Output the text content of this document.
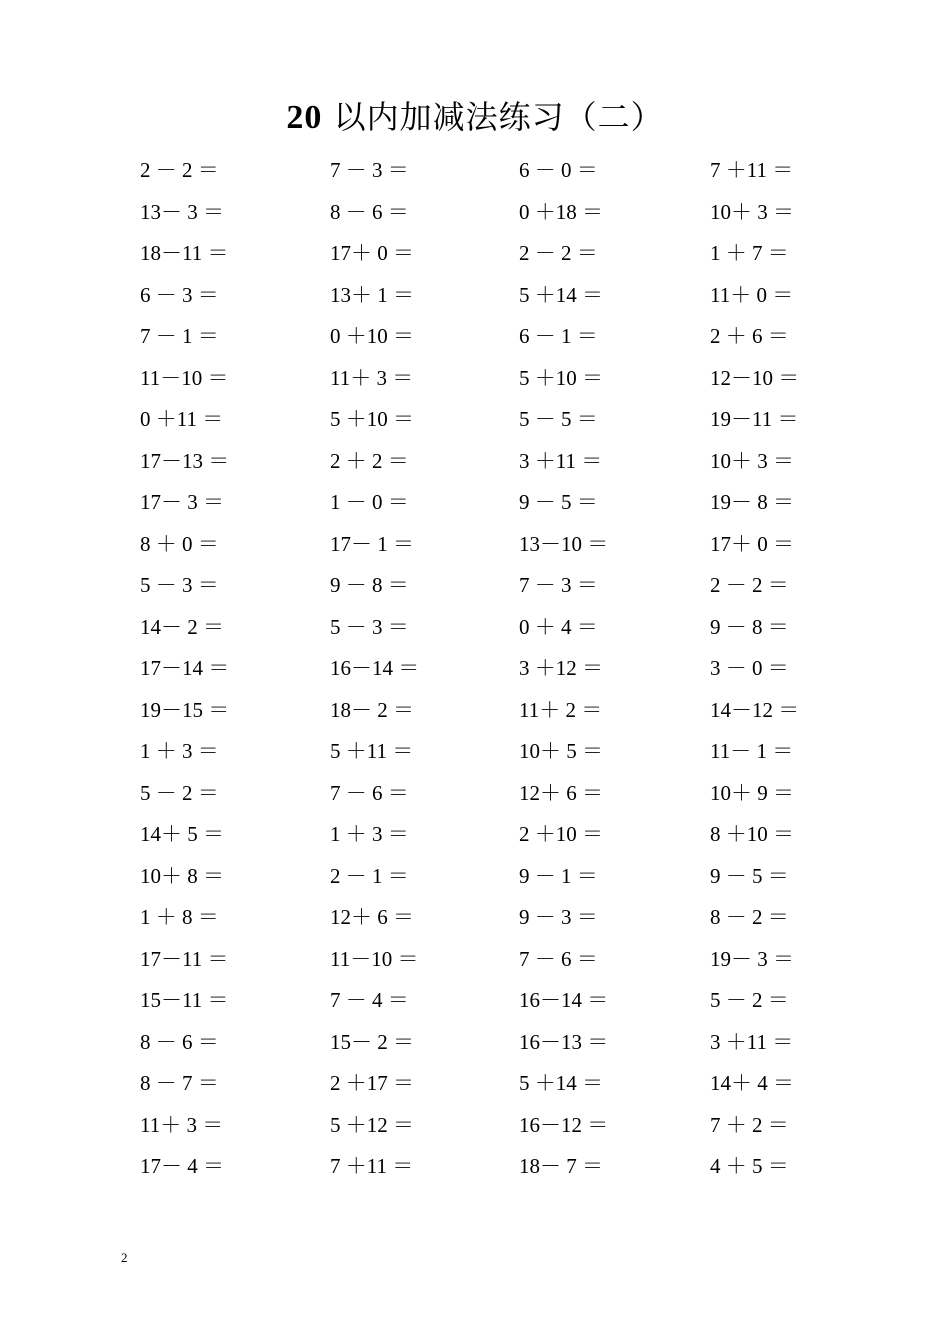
20 以内加减法练习（二）
2 － 2 ＝	7 － 3 ＝	6 － 0 ＝	7 ＋11 ＝
13－ 3 ＝	8 － 6 ＝	0 ＋18 ＝	10＋ 3 ＝
18－11 ＝	17＋ 0 ＝	2 － 2 ＝	1 ＋ 7 ＝
6 － 3 ＝	13＋ 1 ＝	5 ＋14 ＝	11＋ 0 ＝
7 － 1 ＝	0 ＋10 ＝	6 － 1 ＝	2 ＋ 6 ＝
11－10 ＝	11＋ 3 ＝	5 ＋10 ＝	12－10 ＝
0 ＋11 ＝	5 ＋10 ＝	5 － 5 ＝	19－11 ＝
17－13 ＝	2 ＋ 2 ＝	3 ＋11 ＝	10＋ 3 ＝
17－ 3 ＝	1 － 0 ＝	9 － 5 ＝	19－ 8 ＝
8 ＋ 0 ＝	17－ 1 ＝	13－10 ＝	17＋ 0 ＝
5 － 3 ＝	9 － 8 ＝	7 － 3 ＝	2 － 2 ＝
14－ 2 ＝	5 － 3 ＝	0 ＋ 4 ＝	9 － 8 ＝
17－14 ＝	16－14 ＝	3 ＋12 ＝	3 － 0 ＝
19－15 ＝	18－ 2 ＝	11＋ 2 ＝	14－12 ＝
1 ＋ 3 ＝	5 ＋11 ＝	10＋ 5 ＝	11－ 1 ＝
5 － 2 ＝	7 － 6 ＝	12＋ 6 ＝	10＋ 9 ＝
14＋ 5 ＝	1 ＋ 3 ＝	2 ＋10 ＝	8 ＋10 ＝
10＋ 8 ＝	2 － 1 ＝	9 － 1 ＝	9 － 5 ＝
1 ＋ 8 ＝	12＋ 6 ＝	9 － 3 ＝	8 － 2 ＝
17－11 ＝	11－10 ＝	7 － 6 ＝	19－ 3 ＝
15－11 ＝	7 － 4 ＝	16－14 ＝	5 － 2 ＝
8 － 6 ＝	15－ 2 ＝	16－13 ＝	3 ＋11 ＝
8 － 7 ＝	2 ＋17 ＝	5 ＋14 ＝	14＋ 4 ＝
11＋ 3 ＝	5 ＋12 ＝	16－12 ＝	7 ＋ 2 ＝
17－ 4 ＝	7 ＋11 ＝	18－ 7 ＝	4 ＋ 5 ＝
2
